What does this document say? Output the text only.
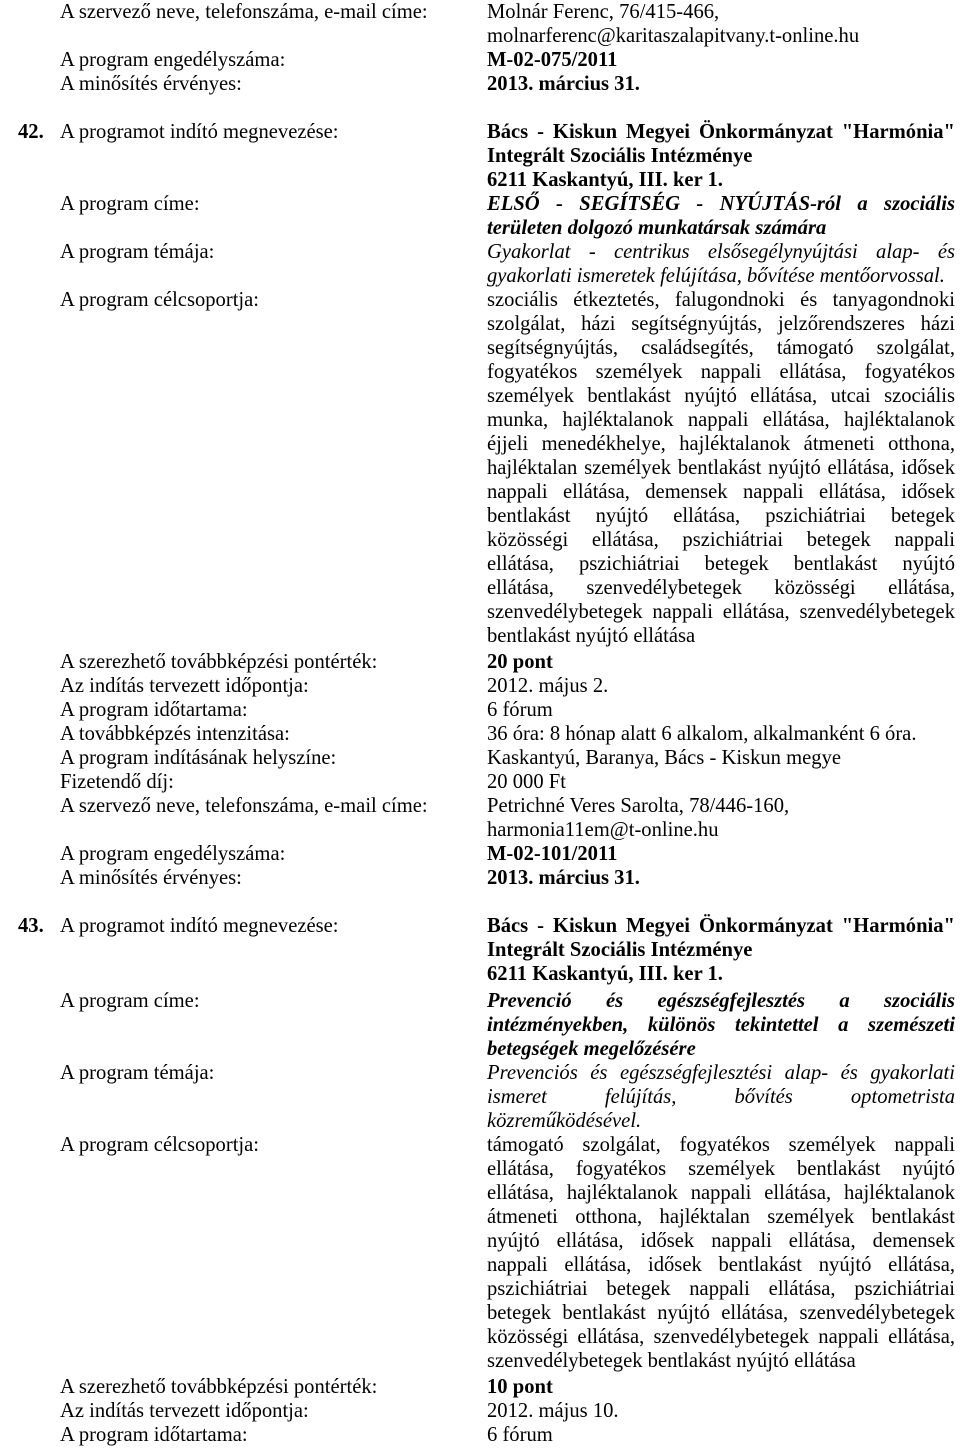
A szervező neve, telefonszáma, e-mail címe:	Molnár Ferenc, 76/415-466,
molnarferenc@karitaszalapitvany.t-online.hu
A program engedélyszáma:	M-02-075/2011
A minősítés érvényes:	2013. március 31.
42. A programot indító megnevezése:	Bács - Kiskun Megyei Önkormányzat "Harmónia"
Integrált Szociális Intézménye
6211 Kaskantyú, III. ker 1.
A program címe:	ELSŐ - SEGÍTSÉG - NYÚJTÁS-ról a szociális
területen dolgozó munkatársak számára
A program témája:	Gyakorlat - centrikus elsősegélynyújtási alap- és
gyakorlati ismeretek felújítása, bővítése mentőorvossal.
A program célcsoportja:	szociális étkeztetés, falugondnoki és tanyagondnoki
szolgálat, házi segítségnyújtás, jelzőrendszeres házi
segítségnyújtás, családsegítés, támogató szolgálat,
fogyatékos személyek nappali ellátása, fogyatékos
személyek bentlakást nyújtó ellátása, utcai szociális
munka, hajléktalanok nappali ellátása, hajléktalanok
éjjeli menedékhelye, hajléktalanok átmeneti otthona,
hajléktalan személyek bentlakást nyújtó ellátása, idősek
nappali ellátása, demensek nappali ellátása, idősek
bentlakást nyújtó ellátása, pszichiátriai betegek
közösségi ellátása, pszichiátriai betegek nappali
ellátása, pszichiátriai betegek bentlakást nyújtó
ellátása, szenvedélybetegek közösségi ellátása,
szenvedélybetegek nappali ellátása, szenvedélybetegek
bentlakást nyújtó ellátása
A szerezhető továbbképzési pontérték:	20 pont
Az indítás tervezett időpontja:	2012. május 2.
A program időtartama:	6 fórum
A továbbképzés intenzitása:	36 óra: 8 hónap alatt 6 alkalom, alkalmanként 6 óra.
A program indításának helyszíne:	Kaskantyú, Baranya, Bács - Kiskun megye
Fizetendő díj:	20 000 Ft
A szervező neve, telefonszáma, e-mail címe:	Petrichné Veres Sarolta, 78/446-160,
harmonia11em@t-online.hu
A program engedélyszáma:	M-02-101/2011
A minősítés érvényes:	2013. március 31.
43. A programot indító megnevezése:	Bács - Kiskun Megyei Önkormányzat "Harmónia"
Integrált Szociális Intézménye
6211 Kaskantyú, III. ker 1.
A program címe:	Prevenció és egészségfejlesztés a szociális
intézményekben, különös tekintettel a szemészeti
betegségek megelőzésére
A program témája:	Prevenciós és egészségfejlesztési alap- és gyakorlati
ismeret felújítás, bővítés optometrista
közreműködésével.
A program célcsoportja:	támogató szolgálat, fogyatékos személyek nappali
ellátása, fogyatékos személyek bentlakást nyújtó
ellátása, hajléktalanok nappali ellátása, hajléktalanok
átmeneti otthona, hajléktalan személyek bentlakást
nyújtó ellátása, idősek nappali ellátása, demensek
nappali ellátása, idősek bentlakást nyújtó ellátása,
pszichiátriai betegek nappali ellátása, pszichiátriai
betegek bentlakást nyújtó ellátása, szenvedélybetegek
közösségi ellátása, szenvedélybetegek nappali ellátása,
szenvedélybetegek bentlakást nyújtó ellátása
A szerezhető továbbképzési pontérték:	10 pont
Az indítás tervezett időpontja:	2012. május 10.
A program időtartama:	6 fórum
